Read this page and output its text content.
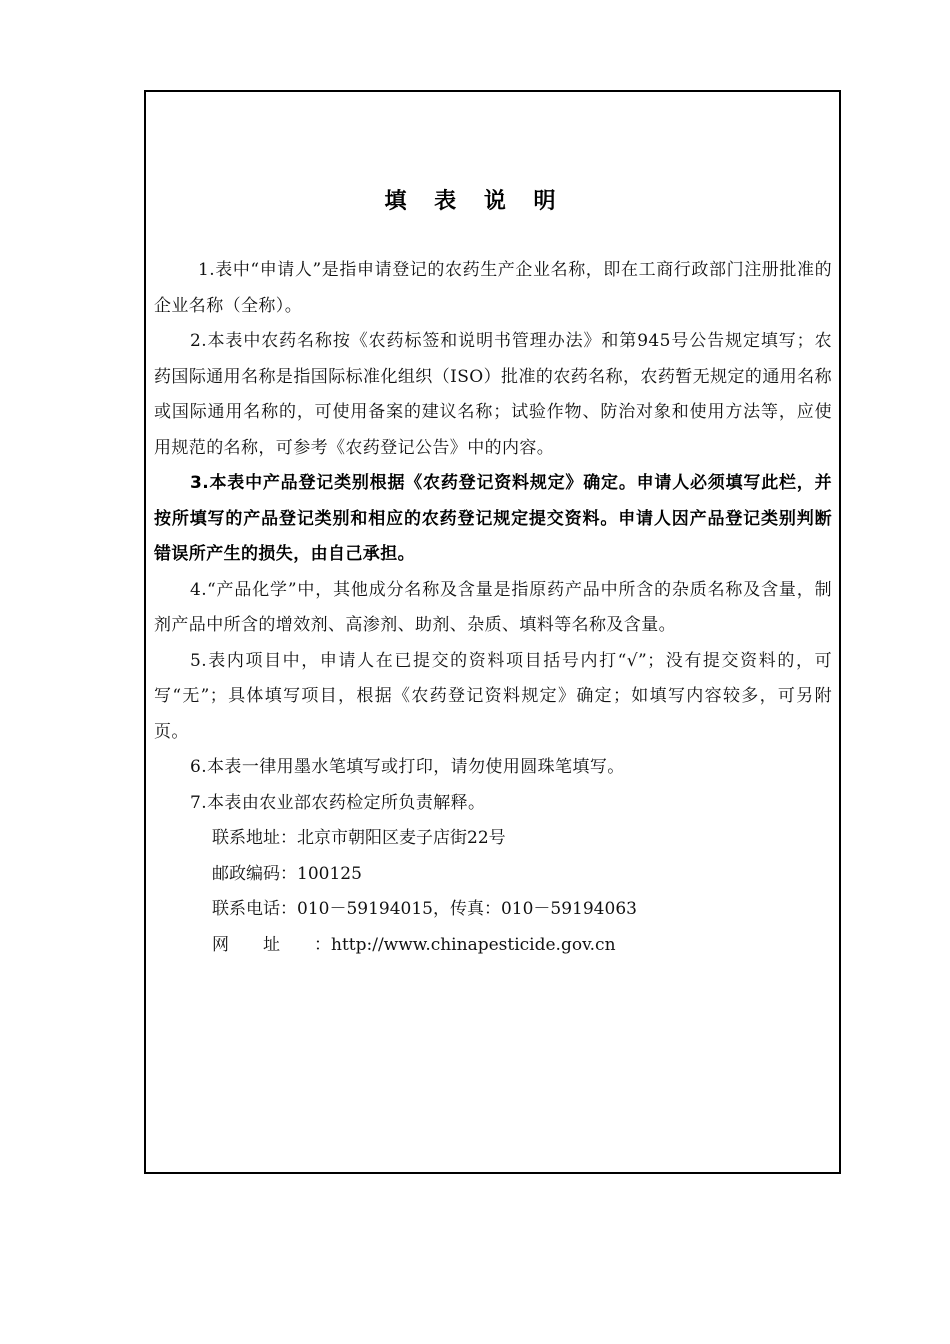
填 表 说 明

1.表中“申请人”是指申请登记的农药生产企业名称，即在工商行政部门注册批准的企业名称（全称）。

2.本表中农药名称按《农药标签和说明书管理办法》和第945号公告规定填写；农药国际通用名称是指国际标准化组织（ISO）批准的农药名称，农药暂无规定的通用名称或国际通用名称的，可使用备案的建议名称；试验作物、防治对象和使用方法等，应使用规范的名称，可参考《农药登记公告》中的内容。

3.本表中产品登记类别根据《农药登记资料规定》确定。申请人必须填写此栏，并按所填写的产品登记类别和相应的农药登记规定提交资料。申请人因产品登记类别判断错误所产生的损失，由自己承担。

4.“产品化学”中，其他成分名称及含量是指原药产品中所含的杂质名称及含量，制剂产品中所含的增效剂、高渗剂、助剂、杂质、填料等名称及含量。

5.表内项目中，申请人在已提交的资料项目括号内打“√”；没有提交资料的，可写“无”；具体填写项目，根据《农药登记资料规定》确定；如填写内容较多，可另附页。

6.本表一律用墨水笔填写或打印，请勿使用圆珠笔填写。

7.本表由农业部农药检定所负责解释。

联系地址：北京市朝阳区麦子店街22号

邮政编码：100125

联系电话：010－59194015，传真：010－59194063

网址：http://www.chinapesticide.gov.cn
